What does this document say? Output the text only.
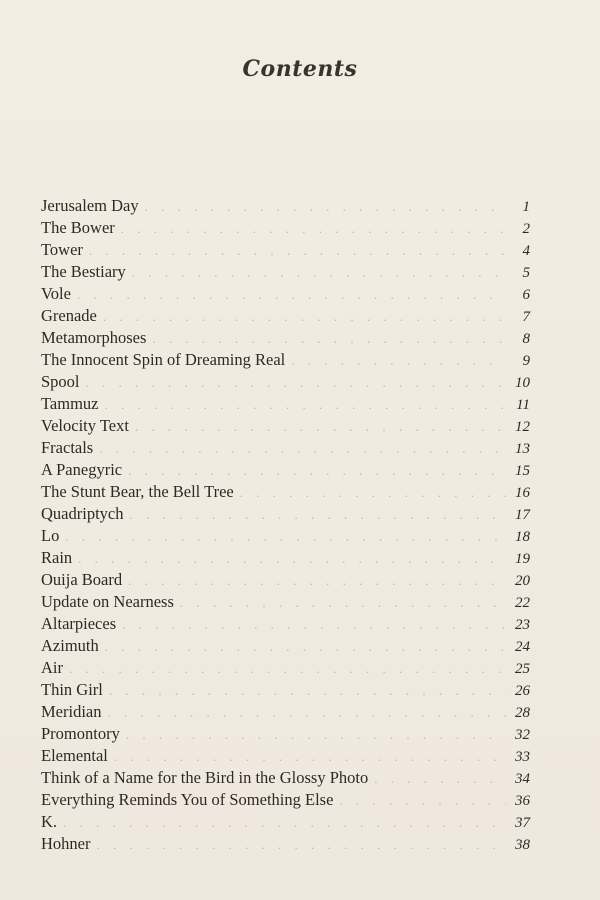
Contents
Jerusalem Day . . .	1
The Bower . . .	2
Tower . . .	4
The Bestiary . . .	5
Vole . . .	6
Grenade . . .	7
Metamorphoses . . .	8
The Innocent Spin of Dreaming Real . . .	9
Spool . . .	10
Tammuz . . .	11
Velocity Text . . .	12
Fractals . . .	13
A Panegyric . . .	15
The Stunt Bear, the Bell Tree . . .	16
Quadriptych . . .	17
Lo . . .	18
Rain . . .	19
Ouija Board . . .	20
Update on Nearness . . .	22
Altarpieces . . .	23
Azimuth . . .	24
Air . . .	25
Thin Girl . . .	26
Meridian . . .	28
Promontory . . .	32
Elemental . . .	33
Think of a Name for the Bird in the Glossy Photo . . .	34
Everything Reminds You of Something Else . . .	36
K. . . .	37
Hohner . . .	38
